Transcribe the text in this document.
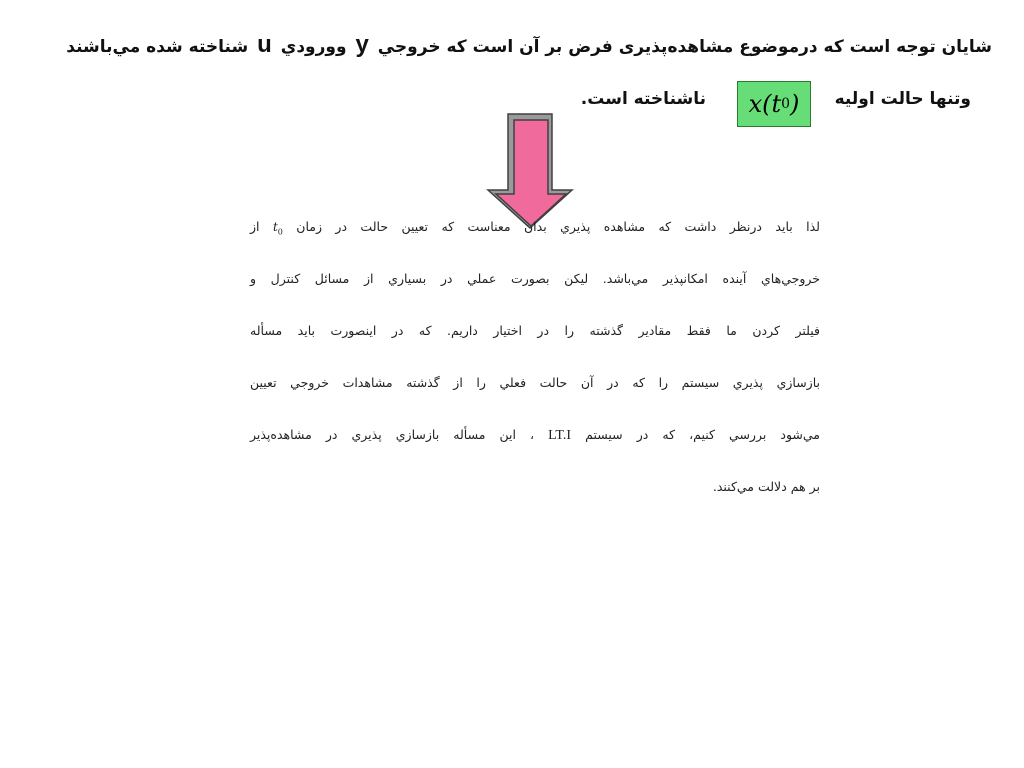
شایان توجه است که درموضوع مشاهده‌پذیری فرض بر آن است که خروجي y وورودي u شناخته شده مي‌باشند
وتنها حالت اوليه
x(t 0 )
ناشناخته است.
لذا بايد درنظر داشت كه مشاهده پذيري بدان معناست كه تعيين حالت در زمان $t_0$ از
خروجي‌هاي آينده امكانپذير مي‌باشد. ليكن بصورت عملي در بسياري از مسائل كنترل و
فيلتر كردن ما فقط مقادير گذشته را در اختيار داريم. كه در اينصورت بايد مسأله
بازسازي پذيري سيستم را كه در آن حالت فعلي را از گذشته مشاهدات خروجي تعيين
مي‌شود بررسي كنيم، كه در سيستم LT.I ، اين مسأله بازسازي پذيري در مشاهده‌پذير
بر هم دلالت مي‌كنند.
